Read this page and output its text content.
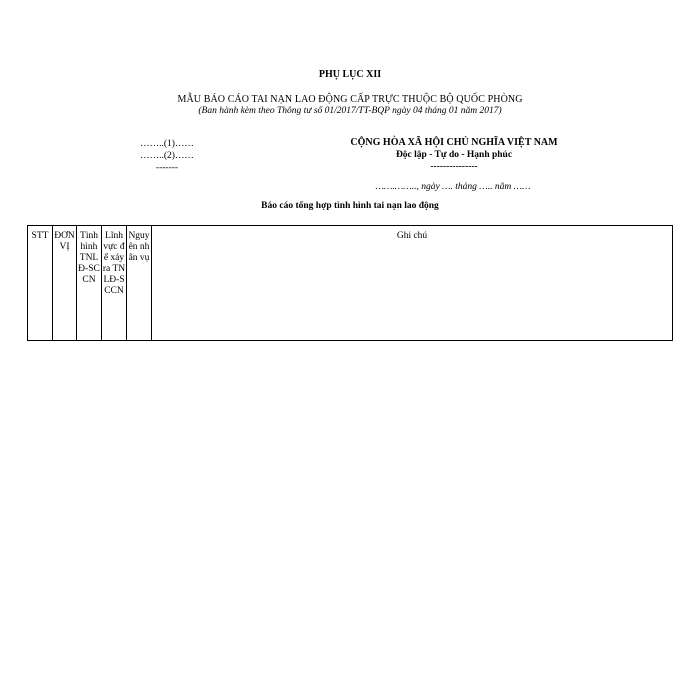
PHỤ LỤC XII
MẪU BÁO CÁO TAI NẠN LAO ĐỘNG CẤP TRỰC THUỘC BỘ QUỐC PHÒNG
(Ban hành kèm theo Thông tư số 01/2017/TT-BQP ngày 04 tháng 01 năm 2017)
……..(1)……
……..(2)……
-------
CỘNG HÒA XÃ HỘI CHỦ NGHĨA VIỆT NAM
Độc lập - Tự do - Hạnh phúc
---------------
…….…….., ngày …. tháng ….. năm ……
Báo cáo tổng hợp tình hình tai nạn lao động
STT	ĐƠN VỊ	Tình hình TNLĐ-SCCN	Lĩnh vực để xảy ra TNLĐ-SCCN	Nguyên nhân vụ	Ghi chú
